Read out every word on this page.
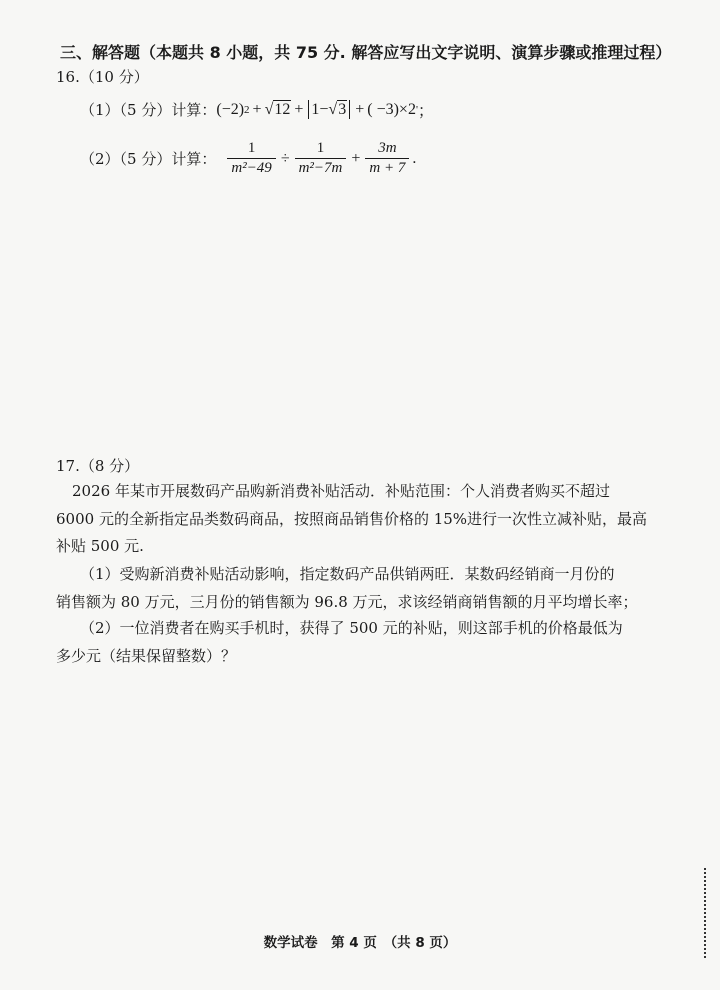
三、解答题（本题共 8 小题，共 75 分. 解答应写出文字说明、演算步骤或推理过程）
16.（10 分）
（1）（5 分）计算： (−2) 2 + √ 12 + 1−√ 3 + ( −3)×2 ' ；
（2）（5 分）计算： $\frac{1}{\text{m²−49}} \div \frac{1}{\text{m²−7m}} + \frac{3m}{m + 7}$ .
17.（8 分）
2026 年某市开展数码产品购新消费补贴活动．补贴范围：个人消费者购买不超过
6000 元的全新指定品类数码商品，按照商品销售价格的 15%进行一次性立减补贴，最高
补贴 500 元.
（1）受购新消费补贴活动影响，指定数码产品供销两旺．某数码经销商一月份的
销售额为 80 万元，三月份的销售额为 96.8 万元，求该经销商销售额的月平均增长率；
（2）一位消费者在购买手机时，获得了 500 元的补贴，则这部手机的价格最低为
多少元（结果保留整数）？
数学试卷　第 4 页　（共 8 页）
